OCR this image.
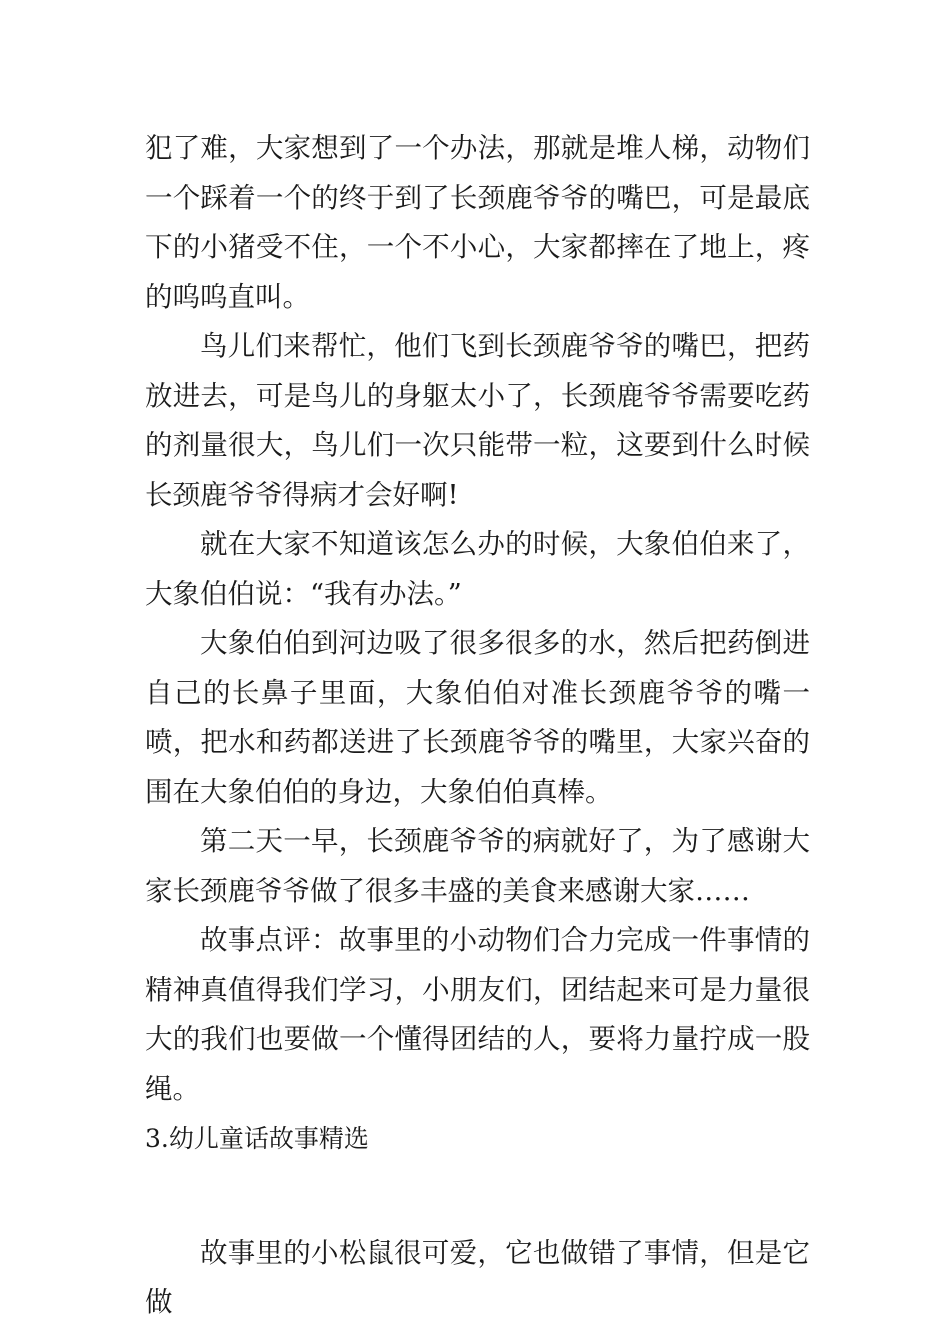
犯了难，大家想到了一个办法，那就是堆人梯，动物们一个踩着一个的终于到了长颈鹿爷爷的嘴巴，可是最底下的小猪受不住，一个不小心，大家都摔在了地上，疼的呜呜直叫。

鸟儿们来帮忙，他们飞到长颈鹿爷爷的嘴巴，把药放进去，可是鸟儿的身躯太小了，长颈鹿爷爷需要吃药的剂量很大，鸟儿们一次只能带一粒，这要到什么时候长颈鹿爷爷得病才会好啊!

就在大家不知道该怎么办的时候，大象伯伯来了，大象伯伯说：“我有办法。”

大象伯伯到河边吸了很多很多的水，然后把药倒进自己的长鼻子里面，大象伯伯对准长颈鹿爷爷的嘴一喷，把水和药都送进了长颈鹿爷爷的嘴里，大家兴奋的围在大象伯伯的身边，大象伯伯真棒。

第二天一早，长颈鹿爷爷的病就好了，为了感谢大家长颈鹿爷爷做了很多丰盛的美食来感谢大家……

故事点评：故事里的小动物们合力完成一件事情的精神真值得我们学习，小朋友们，团结起来可是力量很大的我们也要做一个懂得团结的人，要将力量拧成一股绳。

3.幼儿童话故事精选

故事里的小松鼠很可爱，它也做错了事情，但是它做
